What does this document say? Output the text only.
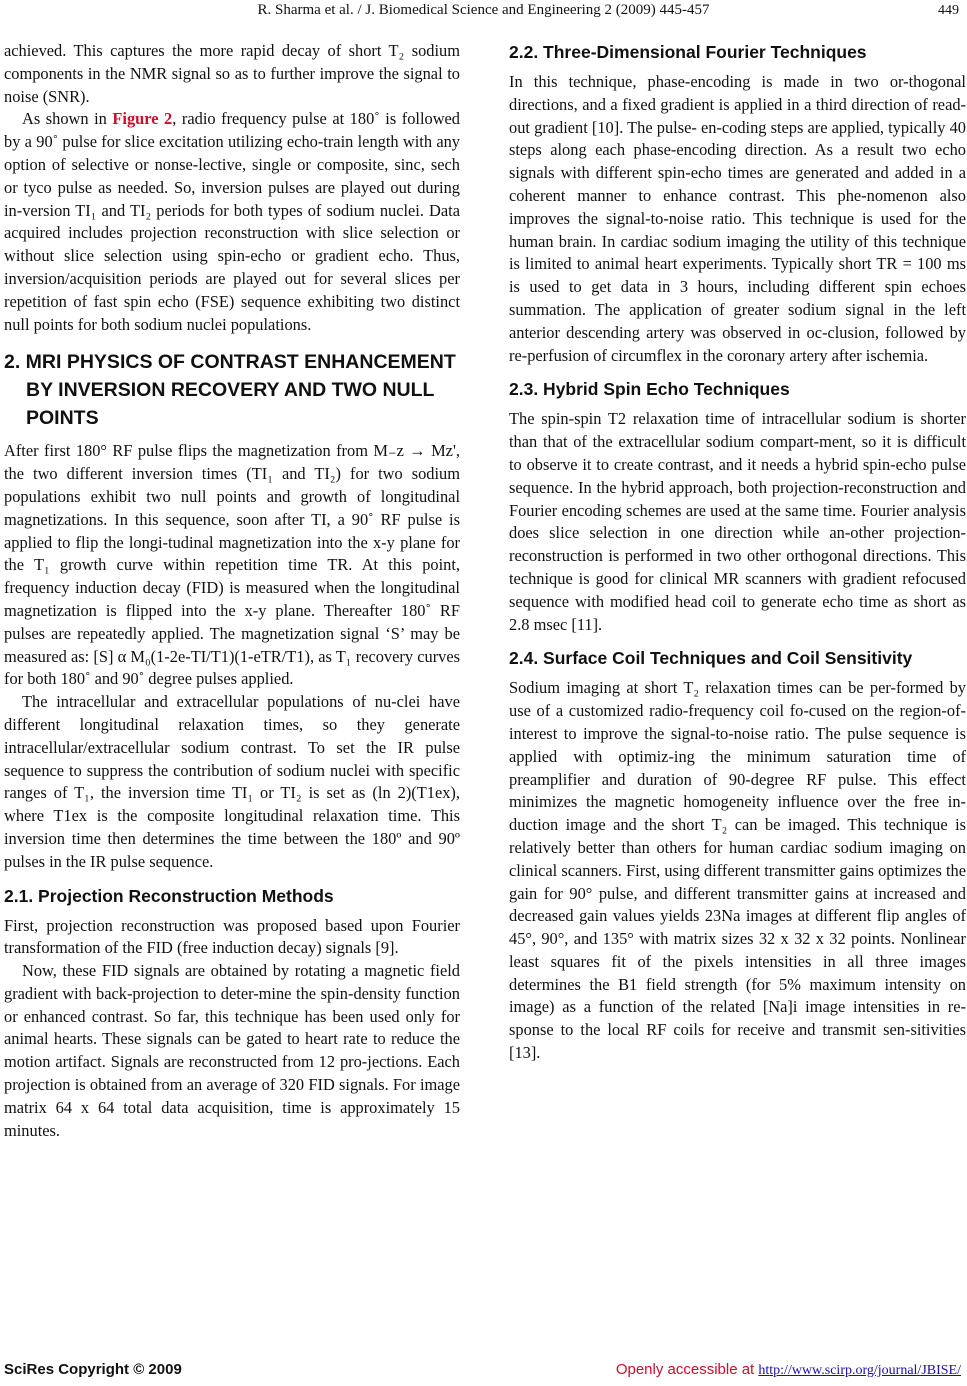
R. Sharma et al. / J. Biomedical Science and Engineering 2 (2009) 445-457	449

achieved. This captures the more rapid decay of short T₂ sodium components in the NMR signal so as to further improve the signal to noise (SNR).

As shown in Figure 2, radio frequency pulse at 180˚ is followed by a 90˚ pulse for slice excitation utilizing echo-train length with any option of selective or nonse-lective, single or composite, sinc, sech or tyco pulse as needed. So, inversion pulses are played out during in-version TI₁ and TI₂ periods for both types of sodium nuclei. Data acquired includes projection reconstruction with slice selection or without slice selection using spin-echo or gradient echo. Thus, inversion/acquisition periods are played out for several slices per repetition of fast spin echo (FSE) sequence exhibiting two distinct null points for both sodium nuclei populations.

2. MRI PHYSICS OF CONTRAST ENHANCEMENT BY INVERSION RECOVERY AND TWO NULL POINTS

After first 180° RF pulse flips the magnetization from M₋z → Mz', the two different inversion times (TI₁ and TI₂) for two sodium populations exhibit two null points and growth of longitudinal magnetizations. In this sequence, soon after TI, a 90˚ RF pulse is applied to flip the longi-tudinal magnetization into the x-y plane for the T₁ growth curve within repetition time TR. At this point, frequency induction decay (FID) is measured when the longitudinal magnetization is flipped into the x-y plane. Thereafter 180˚ RF pulses are repeatedly applied. The magnetization signal ‘S’ may be measured as: [S] α M₀(1-2e-TI/T1)(1-eTR/T1), as T₁ recovery curves for both 180˚ and 90˚ degree pulses applied.

The intracellular and extracellular populations of nu-clei have different longitudinal relaxation times, so they generate intracellular/extracellular sodium contrast. To set the IR pulse sequence to suppress the contribution of sodium nuclei with specific ranges of T₁, the inversion time TI₁ or TI₂ is set as (ln 2)(T1ex), where T1ex is the composite longitudinal relaxation time. This inversion time then determines the time between the 180º and 90º pulses in the IR pulse sequence.

2.1. Projection Reconstruction Methods

First, projection reconstruction was proposed based upon Fourier transformation of the FID (free induction decay) signals [9].

Now, these FID signals are obtained by rotating a magnetic field gradient with back-projection to deter-mine the spin-density function or enhanced contrast. So far, this technique has been used only for animal hearts. These signals can be gated to heart rate to reduce the motion artifact. Signals are reconstructed from 12 pro-jections. Each projection is obtained from an average of 320 FID signals. For image matrix 64 x 64 total data acquisition, time is approximately 15 minutes.

2.2. Three-Dimensional Fourier Techniques

In this technique, phase-encoding is made in two or-thogonal directions, and a fixed gradient is applied in a third direction of read-out gradient [10]. The pulse- en-coding steps are applied, typically 40 steps along each phase-encoding direction. As a result two echo signals with different spin-echo times are generated and added in a coherent manner to enhance contrast. This phe-nomenon also improves the signal-to-noise ratio. This technique is used for the human brain. In cardiac sodium imaging the utility of this technique is limited to animal heart experiments. Typically short TR = 100 ms is used to get data in 3 hours, including different spin echoes summation. The application of greater sodium signal in the left anterior descending artery was observed in oc-clusion, followed by re-perfusion of circumflex in the coronary artery after ischemia.

2.3. Hybrid Spin Echo Techniques

The spin-spin T2 relaxation time of intracellular sodium is shorter than that of the extracellular sodium compart-ment, so it is difficult to observe it to create contrast, and it needs a hybrid spin-echo pulse sequence. In the hybrid approach, both projection-reconstruction and Fourier encoding schemes are used at the same time. Fourier analysis does slice selection in one direction while an-other projection-reconstruction is performed in two other orthogonal directions. This technique is good for clinical MR scanners with gradient refocused sequence with modified head coil to generate echo time as short as 2.8 msec [11].

2.4. Surface Coil Techniques and Coil Sensitivity

Sodium imaging at short T₂ relaxation times can be per-formed by use of a customized radio-frequency coil fo-cused on the region-of-interest to improve the signal-to-noise ratio. The pulse sequence is applied with optimiz-ing the minimum saturation time of preamplifier and duration of 90-degree RF pulse. This effect minimizes the magnetic homogeneity influence over the free in-duction image and the short T₂ can be imaged. This technique is relatively better than others for human cardiac sodium imaging on clinical scanners. First, using different transmitter gains optimizes the gain for 90° pulse, and different transmitter gains at increased and decreased gain values yields 23Na images at different flip angles of 45°, 90°, and 135° with matrix sizes 32 x 32 x 32 points. Nonlinear least squares fit of the pixels intensities in all three images determines the B1 field strength (for 5% maximum intensity on image) as a function of the related [Na]i image intensities in re-sponse to the local RF coils for receive and transmit sen-sitivities [13].

SciRes Copyright © 2009	Openly accessible at http://www.scirp.org/journal/JBISE/
